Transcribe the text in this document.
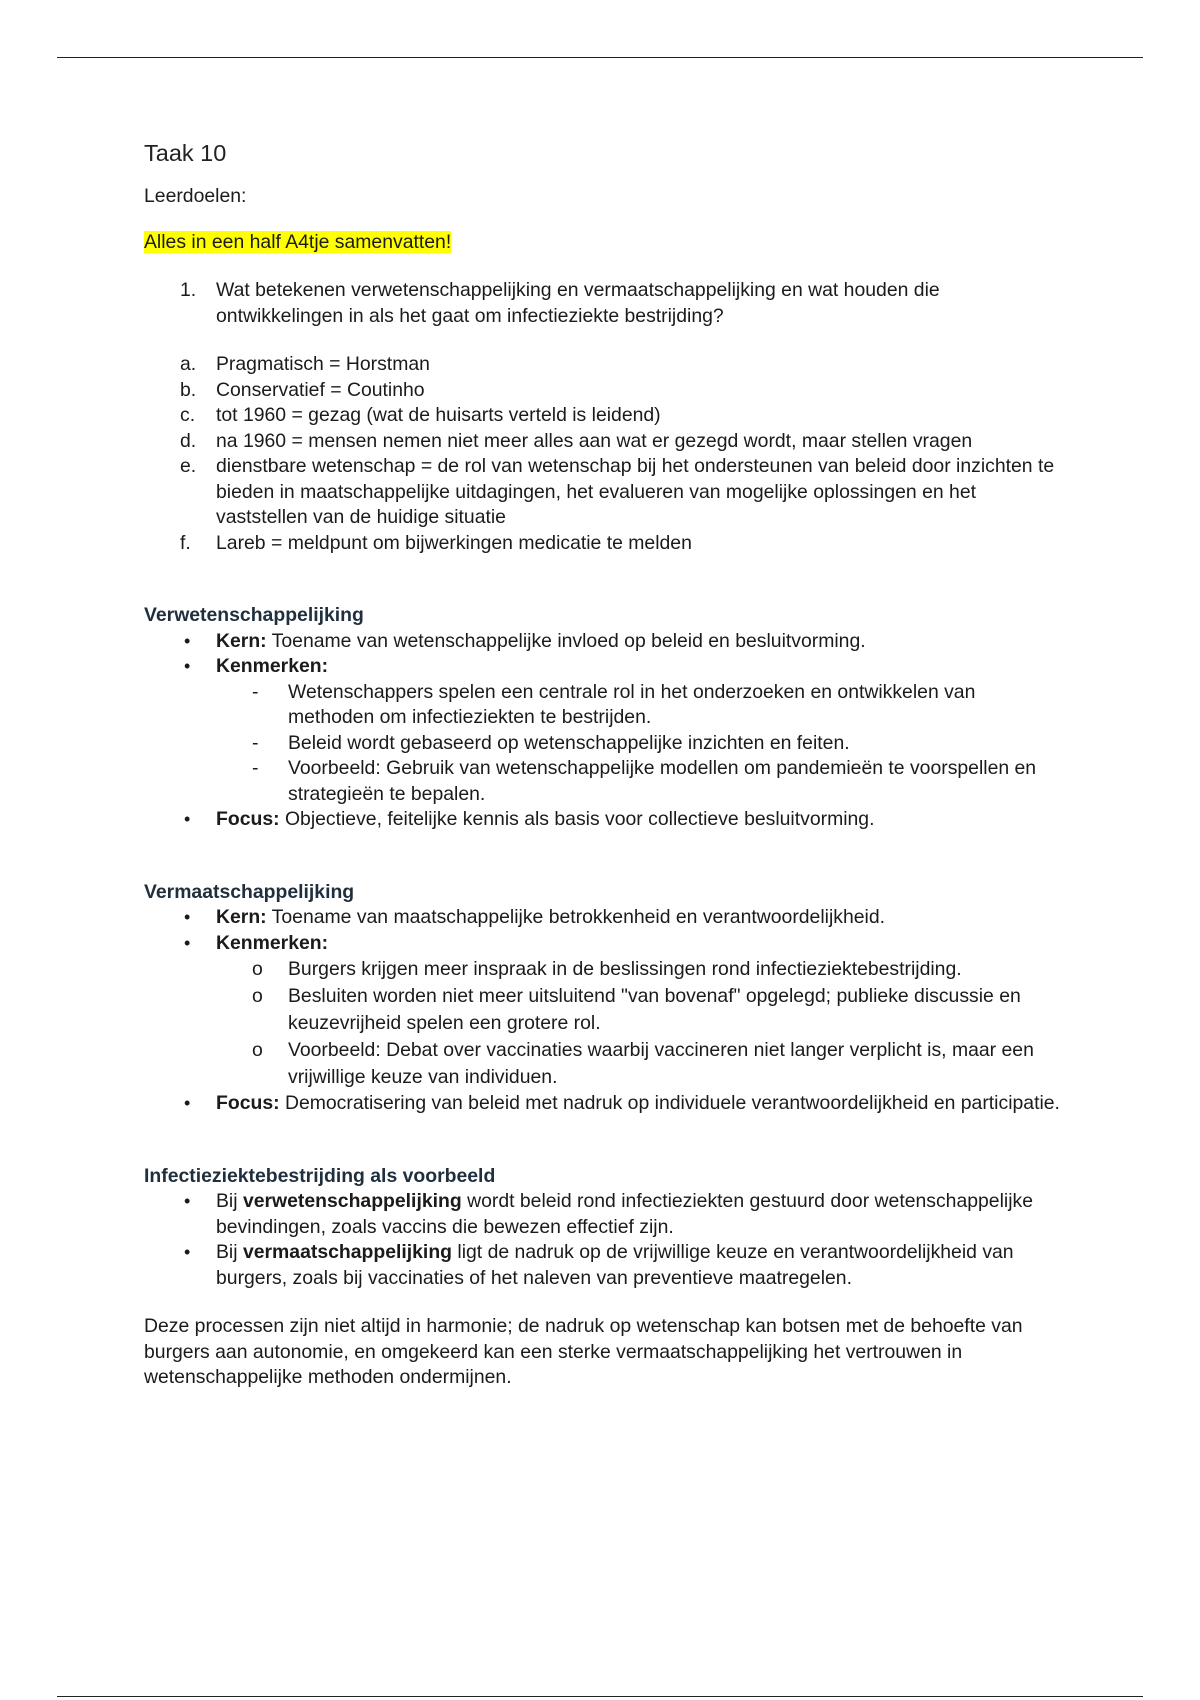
Taak 10

Leerdoelen:

Alles in een half A4tje samenvatten!

1. Wat betekenen verwetenschappelijking en vermaatschappelijking en wat houden die ontwikkelingen in als het gaat om infectieziekte bestrijding?
a. Pragmatisch = Horstman
b. Conservatief = Coutinho
c. tot 1960 = gezag (wat de huisarts verteld is leidend)
d. na 1960 = mensen nemen niet meer alles aan wat er gezegd wordt, maar stellen vragen
e. dienstbare wetenschap = de rol van wetenschap bij het ondersteunen van beleid door inzichten te bieden in maatschappelijke uitdagingen, het evalueren van mogelijke oplossingen en het vaststellen van de huidige situatie
f. Lareb = meldpunt om bijwerkingen medicatie te melden

Verwetenschappelijking

• Kern: Toename van wetenschappelijke invloed op beleid en besluitvorming.
• Kenmerken:
- Wetenschappers spelen een centrale rol in het onderzoeken en ontwikkelen van methoden om infectieziekten te bestrijden.
- Beleid wordt gebaseerd op wetenschappelijke inzichten en feiten.
- Voorbeeld: Gebruik van wetenschappelijke modellen om pandemieën te voorspellen en strategieën te bepalen.
• Focus: Objectieve, feitelijke kennis als basis voor collectieve besluitvorming.

Vermaatschappelijking

• Kern: Toename van maatschappelijke betrokkenheid en verantwoordelijkheid.
• Kenmerken:
o Burgers krijgen meer inspraak in de beslissingen rond infectieziektebestrijding.
o Besluiten worden niet meer uitsluitend "van bovenaf" opgelegd; publieke discussie en keuzevrijheid spelen een grotere rol.
o Voorbeeld: Debat over vaccinaties waarbij vaccineren niet langer verplicht is, maar een vrijwillige keuze van individuen.
• Focus: Democratisering van beleid met nadruk op individuele verantwoordelijkheid en participatie.

Infectieziektebestrijding als voorbeeld

• Bij verwetenschappelijking wordt beleid rond infectieziekten gestuurd door wetenschappelijke bevindingen, zoals vaccins die bewezen effectief zijn.
• Bij vermaatschappelijking ligt de nadruk op de vrijwillige keuze en verantwoordelijkheid van burgers, zoals bij vaccinaties of het naleven van preventieve maatregelen.

Deze processen zijn niet altijd in harmonie; de nadruk op wetenschap kan botsen met de behoefte van burgers aan autonomie, en omgekeerd kan een sterke vermaatschappelijking het vertrouwen in wetenschappelijke methoden ondermijnen.
